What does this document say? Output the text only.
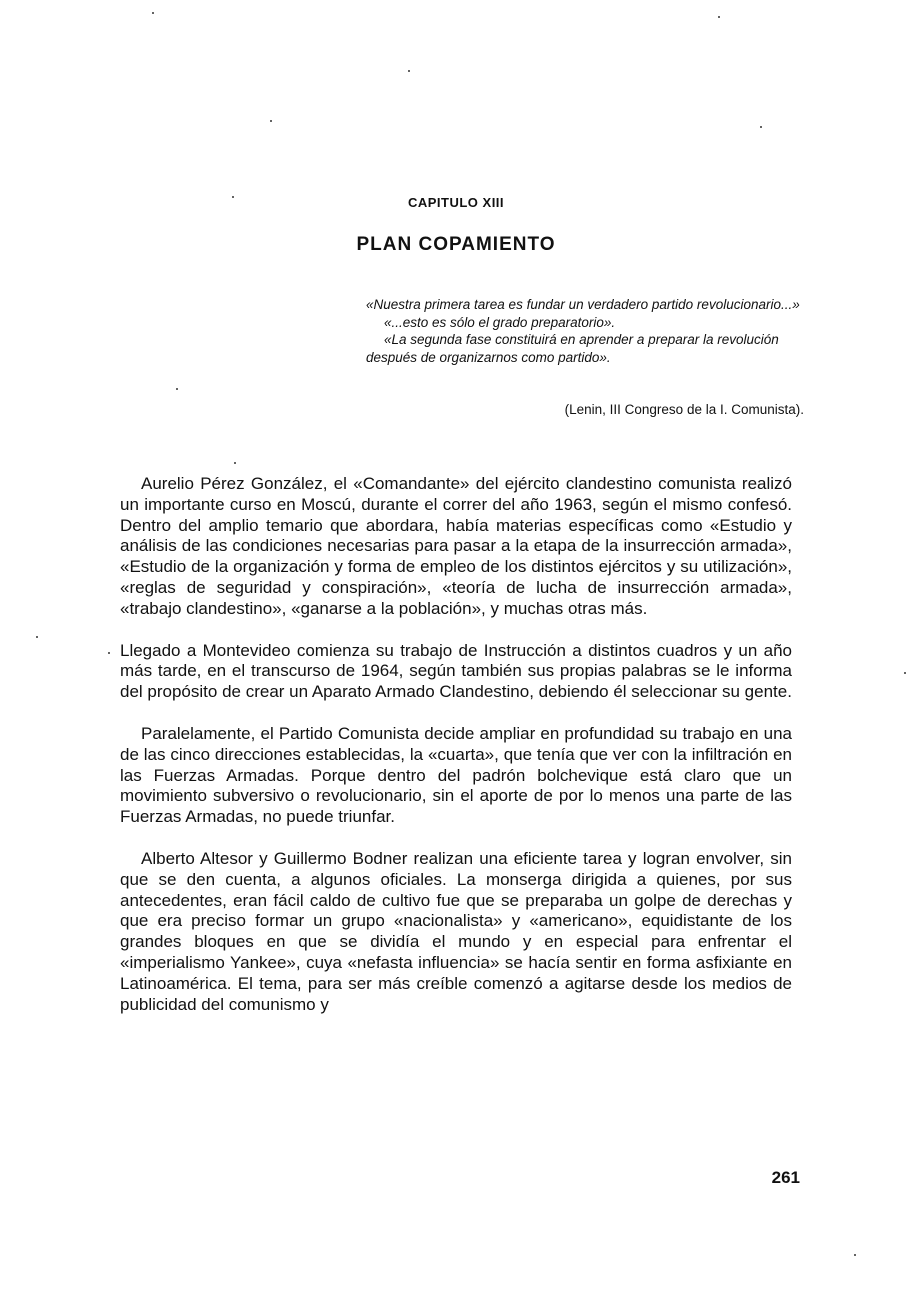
CAPITULO XIII
PLAN COPAMIENTO

«Nuestra primera tarea es fundar un verdadero partido revolucionario...»

«...esto es sólo el grado preparatorio».

«La segunda fase constituirá en aprender a preparar la revolución después de organizarnos como partido».

(Lenin, III Congreso de la I. Comunista).

Aurelio Pérez González, el «Comandante» del ejército clandestino comunista realizó un importante curso en Moscú, durante el correr del año 1963, según el mismo confesó. Dentro del amplio temario que abordara, había materias específicas como «Estudio y análisis de las condiciones necesarias para pasar a la etapa de la insurrección armada», «Estudio de la organización y forma de empleo de los distintos ejércitos y su utilización», «reglas de seguridad y conspiración», «teoría de lucha de insurrección armada», «trabajo clandestino», «ganarse a la población», y muchas otras más.

Llegado a Montevideo comienza su trabajo de Instrucción a distintos cuadros y un año más tarde, en el transcurso de 1964, según también sus propias palabras se le informa del propósito de crear un Aparato Armado Clandestino, debiendo él seleccionar su gente.

Paralelamente, el Partido Comunista decide ampliar en profundidad su trabajo en una de las cinco direcciones establecidas, la «cuarta», que tenía que ver con la infiltración en las Fuerzas Armadas. Porque dentro del padrón bolchevique está claro que un movimiento subversivo o revolucionario, sin el aporte de por lo menos una parte de las Fuerzas Armadas, no puede triunfar.

Alberto Altesor y Guillermo Bodner realizan una eficiente tarea y logran envolver, sin que se den cuenta, a algunos oficiales. La monserga dirigida a quienes, por sus antecedentes, eran fácil caldo de cultivo fue que se preparaba un golpe de derechas y que era preciso formar un grupo «nacionalista» y «americano», equidistante de los grandes bloques en que se dividía el mundo y en especial para enfrentar el «imperialismo Yankee», cuya «nefasta influencia» se hacía sentir en forma asfixiante en Latinoamérica. El tema, para ser más creíble comenzó a agitarse desde los medios de publicidad del comunismo y

261
